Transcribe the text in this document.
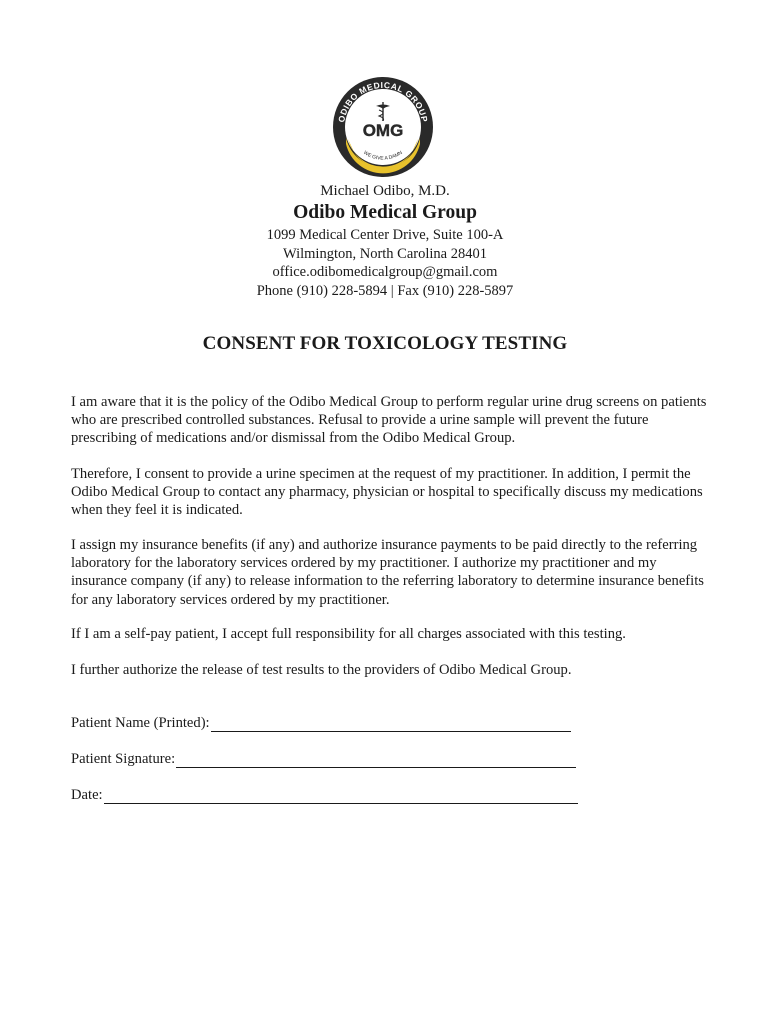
ODIBO MEDICAL GROUP
OMG
WE GIVE A DAMN
Michael Odibo, M.D.
Odibo Medical Group
1099 Medical Center Drive, Suite 100-A
Wilmington, North Carolina 28401
office.odibomedicalgroup@gmail.com
Phone (910) 228-5894 | Fax (910) 228-5897
CONSENT FOR TOXICOLOGY TESTING
I am aware that it is the policy of the Odibo Medical Group to perform regular urine drug screens on patients who are prescribed controlled substances. Refusal to provide a urine sample will prevent the future prescribing of medications and/or dismissal from the Odibo Medical Group.
Therefore, I consent to provide a urine specimen at the request of my practitioner. In addition, I permit the Odibo Medical Group to contact any pharmacy, physician or hospital to specifically discuss my medications when they feel it is indicated.
I assign my insurance benefits (if any) and authorize insurance payments to be paid directly to the referring laboratory for the laboratory services ordered by my practitioner. I authorize my practitioner and my insurance company (if any) to release information to the referring laboratory to determine insurance benefits for any laboratory services ordered by my practitioner.
If I am a self-pay patient, I accept full responsibility for all charges associated with this testing.
I further authorize the release of test results to the providers of Odibo Medical Group.
Patient Name (Printed):
Patient Signature:
Date:
